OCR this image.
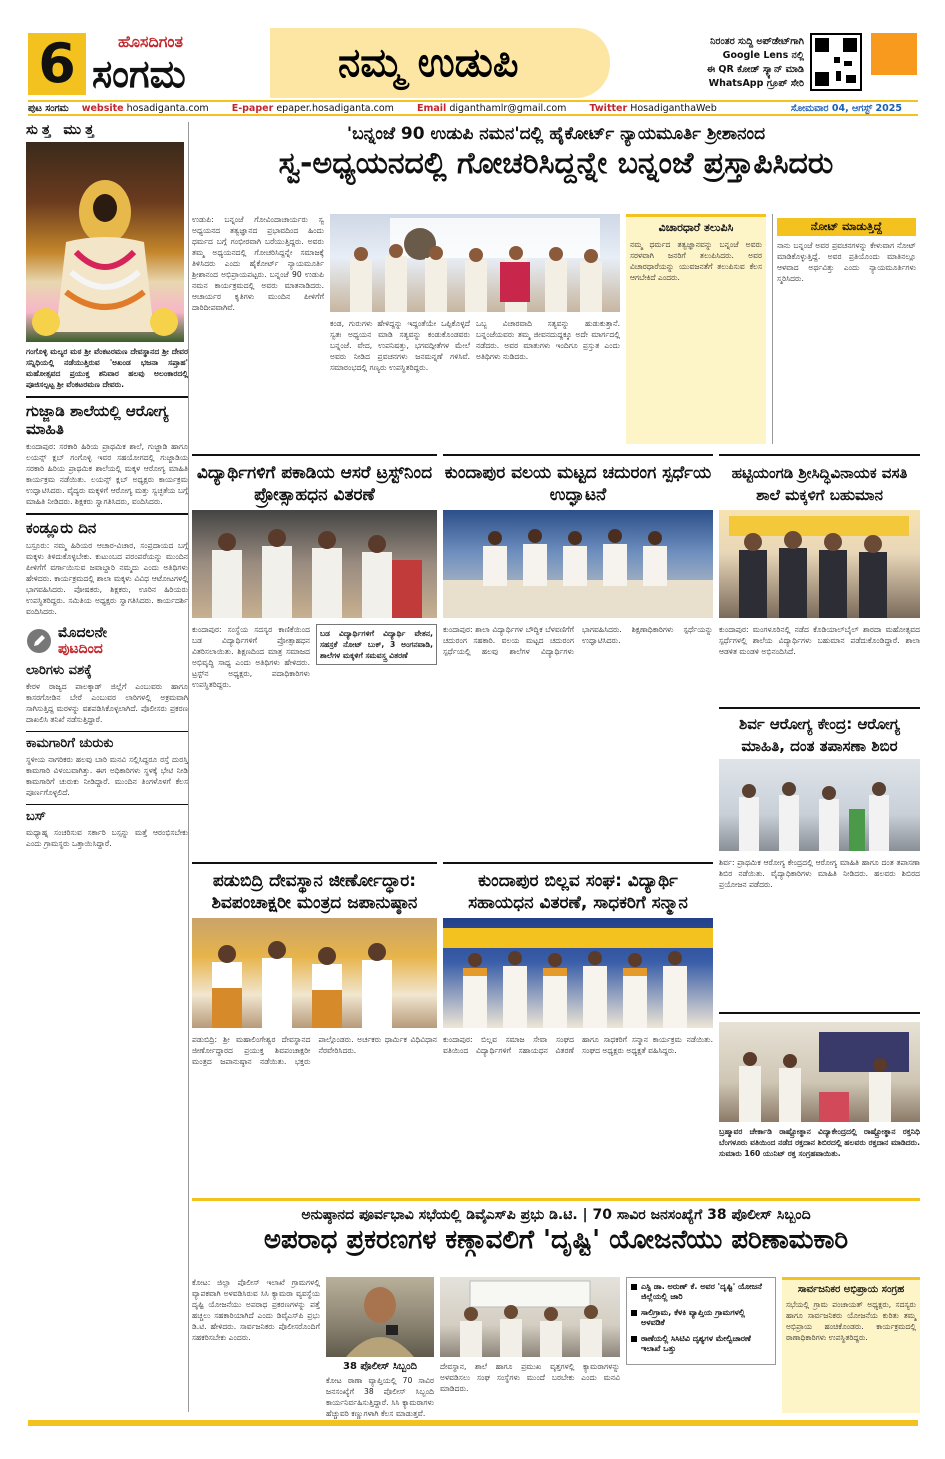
6	ಹೊಸದಿಗಂತ
ಸಂಗಮ	ನಮ್ಮ ಉಡುಪಿ	ನಿರಂತರ ಸುದ್ದಿ ಅಪ್‌ಡೇಟ್‌ಗಾಗಿ
Google Lens ನಲ್ಲಿ
ಈ QR ಕೋಡ್ ಸ್ಕ್ಯಾನ್ ಮಾಡಿ
WhatsApp ಗ್ರೂಪ್ ಸೇರಿ
ಪುಟ ಸಂಗಮ website hosadiganta.com E-paper epaper.hosadiganta.com Email diganthamlr@gmail.com Twitter HosadiganthaWeb	ಸೋಮವಾರ 04, ಆಗಸ್ಟ್ 2025
ಸುತ್ತ ಮುತ್ತ
ಗಂಗೊಳ್ಳಿ ಮಲ್ಯರ ಮಠ ಶ್ರೀ ವೆಂಕಟರಮಣ ದೇವಸ್ಥಾನದ ಶ್ರೀ ದೇವರ ಸನ್ನಿಧಿಯಲ್ಲಿ ನಡೆಯುತ್ತಿರುವ 'ಅಖಂಡ ಭಜನಾ ಸಪ್ತಾಹ' ಮಹೋತ್ಸವದ ಪ್ರಯುಕ್ತ ಶನಿವಾರ ಹಲವು ಅಲಂಕಾರದಲ್ಲಿ ಪೂಜಿಸಲ್ಪಟ್ಟ ಶ್ರೀ ವೆಂಕಟರಮಣ ದೇವರು.
ಗುಜ್ಜಾಡಿ ಶಾಲೆಯಲ್ಲಿ ಆರೋಗ್ಯ ಮಾಹಿತಿ
ಕುಂದಾಪುರ: ಸರಕಾರಿ ಹಿರಿಯ ಪ್ರಾಥಮಿಕ ಶಾಲೆ, ಗುಜ್ಜಾಡಿ ಹಾಗೂ ಲಯನ್ಸ್ ಕ್ಲಬ್ ಗಂಗೊಳ್ಳಿ ಇವರ ಸಹಯೋಗದಲ್ಲಿ ಗುಜ್ಜಾಡಿಯ ಸರಕಾರಿ ಹಿರಿಯ ಪ್ರಾಥಮಿಕ ಶಾಲೆಯಲ್ಲಿ ಮಕ್ಕಳ ಆರೋಗ್ಯ ಮಾಹಿತಿ ಕಾರ್ಯಕ್ರಮ ನಡೆಯಿತು. ಲಯನ್ಸ್ ಕ್ಲಬ್ ಅಧ್ಯಕ್ಷರು ಕಾರ್ಯಕ್ರಮ ಉದ್ಘಾಟಿಸಿದರು. ವೈದ್ಯರು ಮಕ್ಕಳಿಗೆ ಆರೋಗ್ಯ ಮತ್ತು ಸ್ವಚ್ಛತೆಯ ಬಗ್ಗೆ ಮಾಹಿತಿ ನೀಡಿದರು. ಶಿಕ್ಷಕರು ಸ್ವಾಗತಿಸಿದರು, ವಂದಿಸಿದರು.
ಕಂಡ್ಲೂರು ದಿನ
ಬಸ್ರೂರು: ನಮ್ಮ ಹಿರಿಯರ ಆಚಾರ-ವಿಚಾರ, ಸಂಪ್ರದಾಯದ ಬಗ್ಗೆ ಮಕ್ಕಳು ತಿಳಿದುಕೊಳ್ಳಬೇಕು. ಕುಟುಂಬದ ಪರಂಪರೆಯನ್ನು ಮುಂದಿನ ಪೀಳಿಗೆಗೆ ವರ್ಗಾಯಿಸುವ ಜವಾಬ್ದಾರಿ ನಮ್ಮದು ಎಂದು ಅತಿಥಿಗಳು ಹೇಳಿದರು. ಕಾರ್ಯಕ್ರಮದಲ್ಲಿ ಶಾಲಾ ಮಕ್ಕಳು ವಿವಿಧ ಆಟೋಟಗಳಲ್ಲಿ ಭಾಗವಹಿಸಿದರು. ಪೋಷಕರು, ಶಿಕ್ಷಕರು, ಊರಿನ ಹಿರಿಯರು ಉಪಸ್ಥಿತರಿದ್ದರು. ಸಮಿತಿಯ ಅಧ್ಯಕ್ಷರು ಸ್ವಾಗತಿಸಿದರು. ಕಾರ್ಯದರ್ಶಿ ವಂದಿಸಿದರು.
ಮೊದಲನೇ
ಪುಟದಿಂದ
ಲಾರಿಗಳು ವಶಕ್ಕೆ
ಕೇರಳ ರಾಜ್ಯದ ಪಾಲಕ್ಕಾಡ್ ಜಿಲ್ಲೆಗೆ ಎಂಬುವರು ಹಾಗೂ ಕಾಸರಗೋಡಿನ ಬೇರೆ ಎಂಬುವರ ಲಾರಿಗಳಲ್ಲಿ ಅಕ್ರಮವಾಗಿ ಸಾಗಿಸುತ್ತಿದ್ದ ಮರಳನ್ನು ವಶಪಡಿಸಿಕೊಳ್ಳಲಾಗಿದೆ. ಪೊಲೀಸರು ಪ್ರಕರಣ ದಾಖಲಿಸಿ ತನಿಖೆ ನಡೆಸುತ್ತಿದ್ದಾರೆ.
ಕಾಮಗಾರಿಗೆ ಚುರುಕು
ಸ್ಥಳೀಯ ನಾಗರಿಕರು ಹಲವು ಬಾರಿ ಮನವಿ ಸಲ್ಲಿಸಿದ್ದರೂ ರಸ್ತೆ ದುರಸ್ತಿ ಕಾಮಗಾರಿ ವಿಳಂಬವಾಗಿತ್ತು. ಈಗ ಅಧಿಕಾರಿಗಳು ಸ್ಥಳಕ್ಕೆ ಭೇಟಿ ನೀಡಿ ಕಾಮಗಾರಿಗೆ ಚುರುಕು ನೀಡಿದ್ದಾರೆ. ಮುಂದಿನ ತಿಂಗಳೊಳಗೆ ಕೆಲಸ ಪೂರ್ಣಗೊಳ್ಳಲಿದೆ.
ಬಸ್
ಮಧ್ಯಾಹ್ನ ಸಂಚರಿಸುವ ಸರ್ಕಾರಿ ಬಸ್ಸನ್ನು ಮತ್ತೆ ಆರಂಭಿಸಬೇಕು ಎಂದು ಗ್ರಾಮಸ್ಥರು ಒತ್ತಾಯಿಸಿದ್ದಾರೆ.
'ಬನ್ನಂಜೆ 90 ಉಡುಪಿ ನಮನ'ದಲ್ಲಿ ಹೈಕೋರ್ಟ್ ನ್ಯಾಯಮೂರ್ತಿ ಶ್ರೀಶಾನಂದ
ಸ್ವ-ಅಧ್ಯಯನದಲ್ಲಿ ಗೋಚರಿಸಿದ್ದನ್ನೇ ಬನ್ನಂಜೆ ಪ್ರಸ್ತಾಪಿಸಿದರು
ಉಡುಪಿ: ಬನ್ನಂಜೆ ಗೋವಿಂದಾಚಾರ್ಯರು ಸ್ವ ಅಧ್ಯಯನದ ತತ್ವಜ್ಞಾನದ ಪ್ರಭಾವದಿಂದ ಹಿಂದು ಧರ್ಮದ ಬಗ್ಗೆ ಗಂಭೀರವಾಗಿ ಬರೆಯುತ್ತಿದ್ದರು. ಅವರು ತಮ್ಮ ಅಧ್ಯಯನದಲ್ಲಿ ಗೋಚರಿಸಿದ್ದನ್ನೇ ಸಮಾಜಕ್ಕೆ ತಿಳಿಸಿದರು ಎಂದು ಹೈಕೋರ್ಟ್ ನ್ಯಾಯಮೂರ್ತಿ ಶ್ರೀಶಾನಂದ ಅಭಿಪ್ರಾಯಪಟ್ಟರು. ಬನ್ನಂಜೆ 90 ಉಡುಪಿ ನಮನ ಕಾರ್ಯಕ್ರಮದಲ್ಲಿ ಅವರು ಮಾತನಾಡಿದರು. ಆಚಾರ್ಯರ ಕೃತಿಗಳು ಮುಂದಿನ ಪೀಳಿಗೆಗೆ ದಾರಿದೀಪವಾಗಿವೆ.
ಕಂಡ, ಗುರುಗಳು ಹೇಳಿದ್ದನ್ನು ಇದ್ದಂತೆಯೇ ಒಪ್ಪಿಕೊಳ್ಳದೆ ಸ್ವತಃ ಅಧ್ಯಯನ ಮಾಡಿ ಸತ್ಯವನ್ನು ಕಂಡುಕೊಂಡವರು ಬನ್ನಂಜೆ. ವೇದ, ಉಪನಿಷತ್ತು, ಭಗವದ್ಗೀತೆಗಳ ಮೇಲೆ ಅವರು ನೀಡಿದ ಪ್ರವಚನಗಳು ಜನಮನ್ನಣೆ ಗಳಿಸಿವೆ. ಸಮಾರಂಭದಲ್ಲಿ ಗಣ್ಯರು ಉಪಸ್ಥಿತರಿದ್ದರು.
ಒಬ್ಬ ವಿಚಾರವಾದಿ ಸತ್ಯವನ್ನು ಹುಡುಕುತ್ತಾನೆ. ಬನ್ನಂಜೆಯವರು ತಮ್ಮ ಜೀವನದುದ್ದಕ್ಕೂ ಅದೇ ಮಾರ್ಗದಲ್ಲಿ ನಡೆದರು. ಅವರ ಮಾತುಗಳು ಇಂದಿಗೂ ಪ್ರಸ್ತುತ ಎಂದು ಅತಿಥಿಗಳು ನುಡಿದರು.
ವಿಚಾರಧಾರೆ ತಲುಪಿಸಿ
ನಮ್ಮ ಧರ್ಮದ ತತ್ವಜ್ಞಾನವನ್ನು ಬನ್ನಂಜೆ ಅವರು ಸರಳವಾಗಿ ಜನರಿಗೆ ತಲುಪಿಸಿದರು. ಅವರ ವಿಚಾರಧಾರೆಯನ್ನು ಯುವಜನತೆಗೆ ತಲುಪಿಸುವ ಕೆಲಸ ಆಗಬೇಕಿದೆ ಎಂದರು.
ನೋಟ್ ಮಾಡುತ್ತಿದ್ದೆ
ನಾನು ಬನ್ನಂಜೆ ಅವರ ಪ್ರವಚನಗಳನ್ನು ಕೇಳುವಾಗ ನೋಟ್ ಮಾಡಿಕೊಳ್ಳುತ್ತಿದ್ದೆ. ಅವರ ಪ್ರತಿಯೊಂದು ಮಾತಿನಲ್ಲೂ ಆಳವಾದ ಅರ್ಥವಿತ್ತು ಎಂದು ನ್ಯಾಯಮೂರ್ತಿಗಳು ಸ್ಮರಿಸಿದರು.
ವಿದ್ಯಾರ್ಥಿಗಳಿಗೆ ಪಕಾಡಿಯ ಆಸರೆ ಟ್ರಸ್ಟ್‌ನಿಂದ ಪ್ರೋತ್ಸಾಹಧನ ವಿತರಣೆ
ಕುಂದಾಪುರ: ಸಂಸ್ಥೆಯ ಸದಸ್ಯರ ಕಾಣಿಕೆಯಿಂದ ಬಡ ವಿದ್ಯಾರ್ಥಿಗಳಿಗೆ ಪ್ರೋತ್ಸಾಹಧನ ವಿತರಿಸಲಾಯಿತು. ಶಿಕ್ಷಣದಿಂದ ಮಾತ್ರ ಸಮಾಜದ ಅಭಿವೃದ್ಧಿ ಸಾಧ್ಯ ಎಂದು ಅತಿಥಿಗಳು ಹೇಳಿದರು. ಟ್ರಸ್ಟ್‌ನ ಅಧ್ಯಕ್ಷರು, ಪದಾಧಿಕಾರಿಗಳು ಉಪಸ್ಥಿತರಿದ್ದರು.
ಬಡ ವಿದ್ಯಾರ್ಥಿಗಳಿಗೆ ವಿದ್ಯಾರ್ಥಿ ವೇತನ, ಸಹಸ್ರಕೆ ನೋಟ್ ಬುಕ್, 3 ಅಂಗನವಾಡಿ, ಶಾಲೆಗಳ ಮಕ್ಕಳಿಗೆ ಸಮವಸ್ತ್ರ ವಿತರಣೆ
ಕುಂದಾಪುರ ವಲಯ ಮಟ್ಟದ ಚದುರಂಗ ಸ್ಪರ್ಧೆಯ ಉದ್ಘಾಟನೆ
ಕುಂದಾಪುರ: ಶಾಲಾ ವಿದ್ಯಾರ್ಥಿಗಳ ಬೌದ್ಧಿಕ ಬೆಳವಣಿಗೆಗೆ ಚದುರಂಗ ಸಹಕಾರಿ. ವಲಯ ಮಟ್ಟದ ಚದುರಂಗ ಸ್ಪರ್ಧೆಯಲ್ಲಿ ಹಲವು ಶಾಲೆಗಳ ವಿದ್ಯಾರ್ಥಿಗಳು ಭಾಗವಹಿಸಿದರು. ಶಿಕ್ಷಣಾಧಿಕಾರಿಗಳು ಸ್ಪರ್ಧೆಯನ್ನು ಉದ್ಘಾಟಿಸಿದರು.
ಹಟ್ಟಿಯಂಗಡಿ ಶ್ರೀಸಿದ್ಧಿವಿನಾಯಕ ವಸತಿ ಶಾಲೆ ಮಕ್ಕಳಿಗೆ ಬಹುಮಾನ
ಕುಂದಾಪುರ: ಮಂಗಳೂರಿನಲ್ಲಿ ನಡೆದ ಕೊಡಿಯಾಲ್‌ಬೈಲ್ ಶಾರದಾ ಮಹೋತ್ಸವದ ಸ್ಪರ್ಧೆಗಳಲ್ಲಿ ಶಾಲೆಯ ವಿದ್ಯಾರ್ಥಿಗಳು ಬಹುಮಾನ ಪಡೆದುಕೊಂಡಿದ್ದಾರೆ. ಶಾಲಾ ಆಡಳಿತ ಮಂಡಳಿ ಅಭಿನಂದಿಸಿದೆ.
ಶಿರ್ವ ಆರೋಗ್ಯ ಕೇಂದ್ರ: ಆರೋಗ್ಯ ಮಾಹಿತಿ, ದಂತ ತಪಾಸಣಾ ಶಿಬಿರ
ಶಿರ್ವ: ಪ್ರಾಥಮಿಕ ಆರೋಗ್ಯ ಕೇಂದ್ರದಲ್ಲಿ ಆರೋಗ್ಯ ಮಾಹಿತಿ ಹಾಗೂ ದಂತ ತಪಾಸಣಾ ಶಿಬಿರ ನಡೆಯಿತು. ವೈದ್ಯಾಧಿಕಾರಿಗಳು ಮಾಹಿತಿ ನೀಡಿದರು. ಹಲವರು ಶಿಬಿರದ ಪ್ರಯೋಜನ ಪಡೆದರು.
ಪಡುಬಿದ್ರಿ ದೇವಸ್ಥಾನ ಜೀರ್ಣೋದ್ಧಾರ: ಶಿವಪಂಚಾಕ್ಷರೀ ಮಂತ್ರದ ಜಪಾನುಷ್ಠಾನ
ಪಡುಬಿದ್ರಿ: ಶ್ರೀ ಮಹಾಲಿಂಗೇಶ್ವರ ದೇವಸ್ಥಾನದ ಜೀರ್ಣೋದ್ಧಾರದ ಪ್ರಯುಕ್ತ ಶಿವಪಂಚಾಕ್ಷರೀ ಮಂತ್ರದ ಜಪಾನುಷ್ಠಾನ ನಡೆಯಿತು. ಭಕ್ತರು ಪಾಲ್ಗೊಂಡರು. ಅರ್ಚಕರು ಧಾರ್ಮಿಕ ವಿಧಿವಿಧಾನ ನೆರವೇರಿಸಿದರು.
ಕುಂದಾಪುರ ಬಿಲ್ಲವ ಸಂಘ: ವಿದ್ಯಾರ್ಥಿ ಸಹಾಯಧನ ವಿತರಣೆ, ಸಾಧಕರಿಗೆ ಸನ್ಮಾನ
ಕುಂದಾಪುರ: ಬಿಲ್ಲವ ಸಮಾಜ ಸೇವಾ ಸಂಘದ ವತಿಯಿಂದ ವಿದ್ಯಾರ್ಥಿಗಳಿಗೆ ಸಹಾಯಧನ ವಿತರಣೆ ಹಾಗೂ ಸಾಧಕರಿಗೆ ಸನ್ಮಾನ ಕಾರ್ಯಕ್ರಮ ನಡೆಯಿತು. ಸಂಘದ ಅಧ್ಯಕ್ಷರು ಅಧ್ಯಕ್ಷತೆ ವಹಿಸಿದ್ದರು.
ಬ್ರಹ್ಮಾವರ ಚೇರ್ಕಾಡಿ ರಾಷ್ಟ್ರೋತ್ಥಾನ ವಿದ್ಯಾಕೇಂದ್ರದಲ್ಲಿ ರಾಷ್ಟ್ರೋತ್ಥಾನ ರಕ್ತನಿಧಿ ಬೆಂಗಳೂರು ವತಿಯಿಂದ ನಡೆದ ರಕ್ತದಾನ ಶಿಬಿರದಲ್ಲಿ ಹಲವರು ರಕ್ತದಾನ ಮಾಡಿದರು. ಸುಮಾರು 160 ಯುನಿಟ್ ರಕ್ತ ಸಂಗ್ರಹವಾಯಿತು.
ಅನುಷ್ಠಾನದ ಪೂರ್ವಭಾವಿ ಸಭೆಯಲ್ಲಿ ಡಿವೈಎಸ್‌ಪಿ ಪ್ರಭು ಡಿ.ಟಿ. | 70 ಸಾವಿರ ಜನಸಂಖ್ಯೆಗೆ 38 ಪೊಲೀಸ್ ಸಿಬ್ಬಂದಿ
ಅಪರಾಧ ಪ್ರಕರಣಗಳ ಕಣ್ಗಾವಲಿಗೆ 'ದೃಷ್ಟಿ' ಯೋಜನೆಯು ಪರಿಣಾಮಕಾರಿ
ಕೋಟ: ಜಿಲ್ಲಾ ಪೊಲೀಸ್ ಇಲಾಖೆ ಗ್ರಾಮಗಳಲ್ಲಿ ವ್ಯಾಪಕವಾಗಿ ಅಳವಡಿಸಿರುವ ಸಿಸಿ ಕ್ಯಾಮರಾ ವ್ಯವಸ್ಥೆಯ ದೃಷ್ಟಿ ಯೋಜನೆಯು ಅಪರಾಧ ಪ್ರಕರಣಗಳನ್ನು ಪತ್ತೆ ಹಚ್ಚಲು ಸಹಕಾರಿಯಾಗಿದೆ ಎಂದು ಡಿವೈಎಸ್‌ಪಿ ಪ್ರಭು ಡಿ.ಟಿ. ಹೇಳಿದರು. ಸಾರ್ವಜನಿಕರು ಪೊಲೀಸರೊಂದಿಗೆ ಸಹಕರಿಸಬೇಕು ಎಂದರು.
38 ಪೊಲೀಸ್ ಸಿಬ್ಬಂದಿ
ಕೋಟ ಠಾಣಾ ವ್ಯಾಪ್ತಿಯಲ್ಲಿ 70 ಸಾವಿರ ಜನಸಂಖ್ಯೆಗೆ 38 ಪೊಲೀಸ್ ಸಿಬ್ಬಂದಿ ಕಾರ್ಯನಿರ್ವಹಿಸುತ್ತಿದ್ದಾರೆ. ಸಿಸಿ ಕ್ಯಾಮರಾಗಳು ಹೆಚ್ಚುವರಿ ಕಣ್ಣುಗಳಾಗಿ ಕೆಲಸ ಮಾಡುತ್ತವೆ.
ದೇವಸ್ಥಾನ, ಶಾಲೆ ಹಾಗೂ ಪ್ರಮುಖ ವೃತ್ತಗಳಲ್ಲಿ ಕ್ಯಾಮರಾಗಳನ್ನು ಅಳವಡಿಸಲು ಸಂಘ ಸಂಸ್ಥೆಗಳು ಮುಂದೆ ಬರಬೇಕು ಎಂದು ಮನವಿ ಮಾಡಿದರು.
ಎಸ್ಪಿ ಡಾ. ಅರುಣ್ ಕೆ. ಅವರ 'ದೃಷ್ಟಿ' ಯೋಜನೆ ಜಿಲ್ಲೆಯಲ್ಲಿ ಜಾರಿ
ಸಾಲಿಗ್ರಾಮ, ಕೆಳಕಿ ವ್ಯಾಪ್ತಿಯ ಗ್ರಾಮಗಳಲ್ಲಿ ಅಳವಡಿಕೆ
ಠಾಣೆಯಲ್ಲಿ ಸಿಸಿಟಿವಿ ದೃಶ್ಯಗಳ ಮೇಲ್ವಿಚಾರಣೆ ಇಲಾಖೆ ಒತ್ತು
ಸಾರ್ವಜನಿಕರ ಅಭಿಪ್ರಾಯ ಸಂಗ್ರಹ
ಸಭೆಯಲ್ಲಿ ಗ್ರಾಮ ಪಂಚಾಯತ್ ಅಧ್ಯಕ್ಷರು, ಸದಸ್ಯರು ಹಾಗೂ ಸಾರ್ವಜನಿಕರು ಯೋಜನೆಯ ಕುರಿತು ತಮ್ಮ ಅಭಿಪ್ರಾಯ ಹಂಚಿಕೊಂಡರು. ಕಾರ್ಯಕ್ರಮದಲ್ಲಿ ಠಾಣಾಧಿಕಾರಿಗಳು ಉಪಸ್ಥಿತರಿದ್ದರು.
